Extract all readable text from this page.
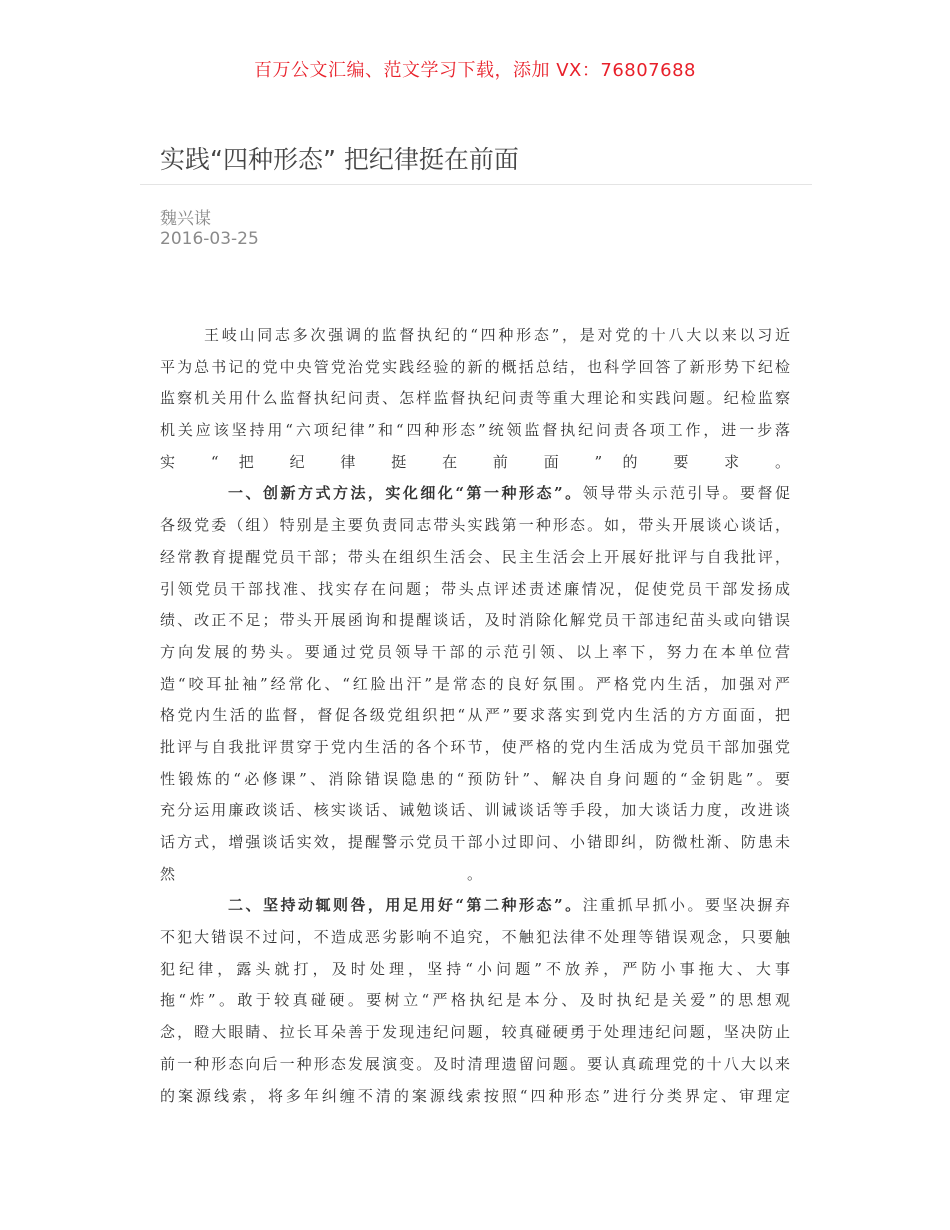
百万公文汇编、范文学习下载，添加 VX：76807688
实践“四种形态” 把纪律挺在前面
魏兴谋
2016-03-25
王岐山同志多次强调的监督执纪的“四种形态”，是对党的十八大以来以习近
平为总书记的党中央管党治党实践经验的新的概括总结，也科学回答了新形势下纪检
监察机关用什么监督执纪问责、怎样监督执纪问责等重大理论和实践问题。纪检监察
机关应该坚持用“六项纪律”和“四种形态”统领监督执纪问责各项工作，进一步落
实 “ 把 纪 律 挺 在 前 面 ” 的 要 求 。
一、创新方式方法，实化细化“第一种形态”。领导带头示范引导。要督促
各级党委（组）特别是主要负责同志带头实践第一种形态。如，带头开展谈心谈话，
经常教育提醒党员干部；带头在组织生活会、民主生活会上开展好批评与自我批评，
引领党员干部找准、找实存在问题；带头点评述责述廉情况，促使党员干部发扬成
绩、改正不足；带头开展函询和提醒谈话，及时消除化解党员干部违纪苗头或向错误
方向发展的势头。要通过党员领导干部的示范引领、以上率下，努力在本单位营
造“咬耳扯袖”经常化、“红脸出汗”是常态的良好氛围。严格党内生活，加强对严
格党内生活的监督，督促各级党组织把“从严”要求落实到党内生活的方方面面，把
批评与自我批评贯穿于党内生活的各个环节，使严格的党内生活成为党员干部加强党
性锻炼的“必修课”、消除错误隐患的“预防针”、解决自身问题的“金钥匙”。要
充分运用廉政谈话、核实谈话、诫勉谈话、训诫谈话等手段，加大谈话力度，改进谈
话方式，增强谈话实效，提醒警示党员干部小过即问、小错即纠，防微杜渐、防患未
然	。
二、坚持动辄则咎，用足用好“第二种形态”。注重抓早抓小。要坚决摒弃
不犯大错误不过问，不造成恶劣影响不追究，不触犯法律不处理等错误观念，只要触
犯纪律，露头就打，及时处理，坚持“小问题”不放养，严防小事拖大、大事
拖“炸”。敢于较真碰硬。要树立“严格执纪是本分、及时执纪是关爱”的思想观
念，瞪大眼睛、拉长耳朵善于发现违纪问题，较真碰硬勇于处理违纪问题，坚决防止
前一种形态向后一种形态发展演变。及时清理遗留问题。要认真疏理党的十八大以来
的案源线索，将多年纠缠不清的案源线索按照“四种形态”进行分类界定、审理定
